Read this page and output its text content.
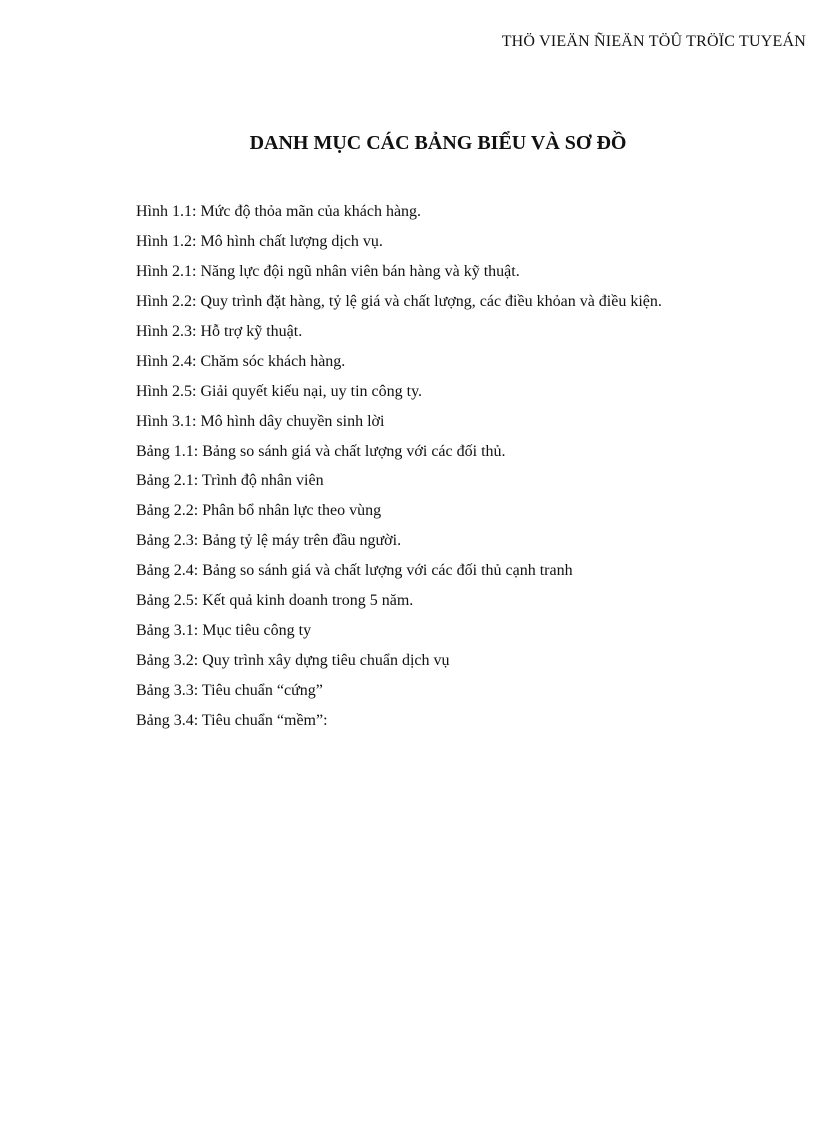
THÖ VIEÄN ÑIEÄN TÖÛ TRÖÏC TUYEÁN
DANH MỤC CÁC BẢNG BIỂU VÀ SƠ ĐỒ
Hình 1.1: Mức độ thỏa mãn của khách hàng.
Hình 1.2: Mô hình chất lượng dịch vụ.
Hình 2.1: Năng lực đội ngũ nhân viên bán hàng và kỹ thuật.
Hình 2.2: Quy trình đặt hàng, tỷ lệ giá và chất lượng, các điều khỏan và điều kiện.
Hình 2.3: Hỗ trợ kỹ thuật.
Hình 2.4: Chăm sóc khách hàng.
Hình 2.5: Giải quyết kiếu nại, uy tin công ty.
Hình 3.1: Mô hình dây chuyền sinh lời
Bảng 1.1: Bảng so sánh giá và chất lượng với các đối thủ.
Bảng 2.1: Trình độ nhân viên
Bảng 2.2: Phân bổ nhân lực theo vùng
Bảng 2.3: Bảng tỷ lệ máy trên đầu người.
Bảng 2.4: Bảng so sánh giá và chất lượng với các đối thủ cạnh tranh
Bảng 2.5: Kết quả kinh doanh trong 5 năm.
Bảng 3.1: Mục tiêu công ty
Bảng 3.2: Quy trình xây dựng tiêu chuẩn dịch vụ
Bảng 3.3: Tiêu chuẩn “cứng”
Bảng 3.4: Tiêu chuẩn “mềm”:
